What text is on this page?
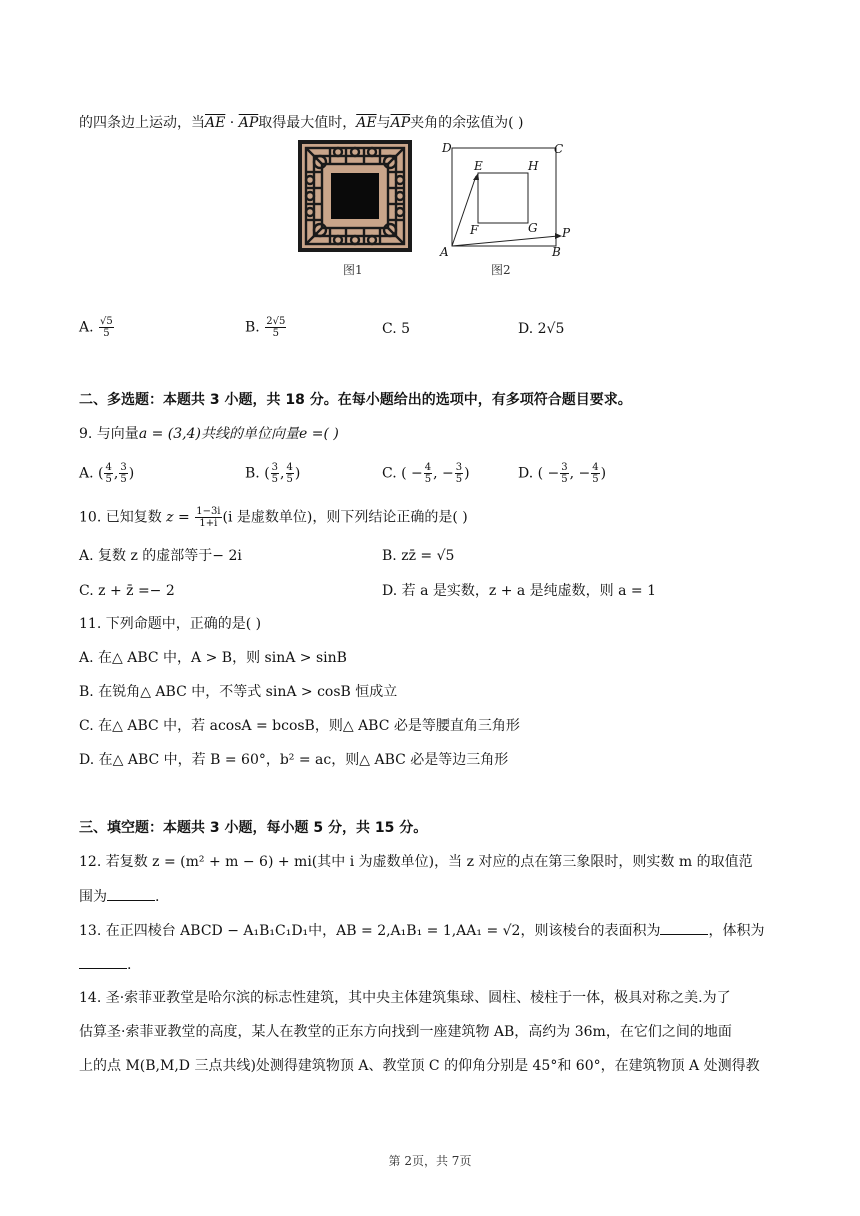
的四条边上运动，当$\overline{AE} \cdot \overline{AP}$取得最大值时，$\overline{AE}$与$\overline{AP}$夹角的余弦值为( )
图1
D	C
E	H
F	G P
A	B
图2
A. $\frac{√5}{5}$	B. $\frac{2√5}{5}$	C. 5	D. 2√5
二、多选题：本题共 3 小题，共 18 分。在每小题给出的选项中，有多项符合题目要求。
9. 与向量a = (3,4)共线的单位向量e =( )
A. ( $\frac{4}{5}$ , $\frac{3}{5}$ )	B. ( $\frac{3}{5}$ , $\frac{4}{5}$ )	C. ( − $\frac{4}{5}$ , − $\frac{3}{5}$ )	D. ( − $\frac{3}{5}$ , − $\frac{4}{5}$ )
10. 已知复数 $z = \frac{1-3i}{1+i} (i$ 是虚数单位)，则下列结论正确的是( )
A. 复数 z 的虚部等于− 2i	B. zz̄ = √5
C. z + z̄ =− 2	D. 若 a 是实数，z + a 是纯虚数，则 a = 1
11. 下列命题中，正确的是( )
A. 在△ ABC 中，A > B，则 sinA > sinB
B. 在锐角△ ABC 中，不等式 sinA > cosB 恒成立
C. 在△ ABC 中，若 acosA = bcosB，则△ ABC 必是等腰直角三角形
D. 在△ ABC 中，若 B = 60°，b² = ac，则△ ABC 必是等边三角形
三、填空题：本题共 3 小题，每小题 5 分，共 15 分。
12. 若复数 z = (m² + m − 6) + mi(其中 i 为虚数单位)，当 z 对应的点在第三象限时，则实数 m 的取值范
围为	.
13. 在正四棱台 ABCD − A₁B₁C₁D₁中，AB = 2,A₁B₁ = 1,AA₁ = √2，则该棱台的表面积为	，体积为
.
14. 圣·索菲亚教堂是哈尔滨的标志性建筑，其中央主体建筑集球、圆柱、棱柱于一体，极具对称之美.为了
估算圣·索菲亚教堂的高度，某人在教堂的正东方向找到一座建筑物 AB，高约为 36m，在它们之间的地面
上的点 M(B,M,D 三点共线)处测得建筑物顶 A、教堂顶 C 的仰角分别是 45°和 60°，在建筑物顶 A 处测得教
第 2页，共 7页
